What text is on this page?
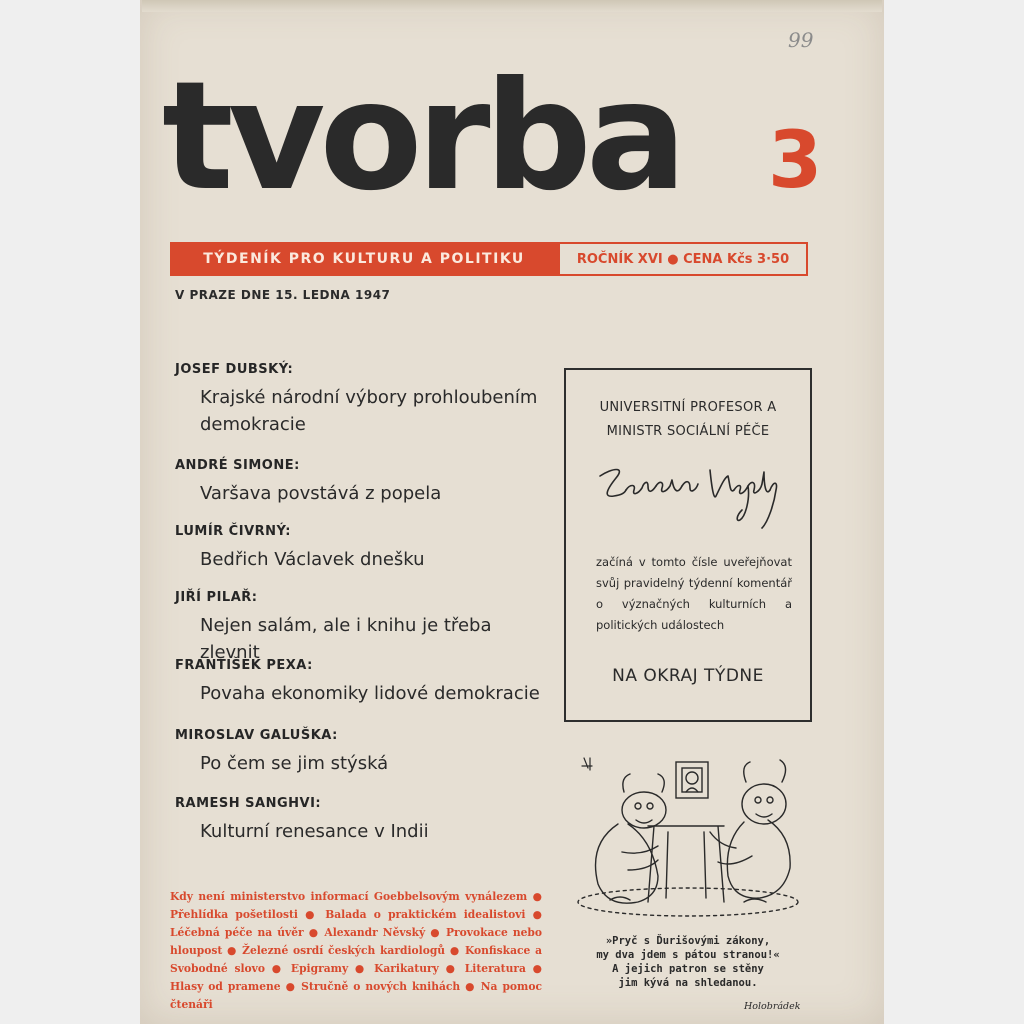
99
tvorba 3
TÝDENÍK PRO KULTURU A POLITIKU	ROČNÍK XVI ● CENA Kčs 3·50
V PRAZE DNE 15. LEDNA 1947
JOSEF DUBSKÝ:
Krajské národní výbory prohloubením
demokracie
ANDRÉ SIMONE:
Varšava povstává z popela
LUMÍR ČIVRNÝ:
Bedřich Václavek dnešku
JIŘÍ PILAŘ:
Nejen salám, ale i knihu je třeba zlevnit
FRANTIŠEK PEXA:
Povaha ekonomiky lidové demokracie
MIROSLAV GALUŠKA:
Po čem se jim stýská
RAMESH SANGHVI:
Kulturní renesance v Indii
UNIVERSITNÍ PROFESOR A
MINISTR SOCIÁLNÍ PÉČE
začíná v tomto čísle uveřejňovat svůj pravidelný týdenní komentář o význačných kulturních a politických událostech
NA OKRAJ TÝDNE
Kdy není ministerstvo informací Goebbelsovým vynálezem ● Přehlídka pošetilosti ● Balada o praktickém idealistovi ● Léčebná péče na úvěr ● Alexandr Něvský ● Provokace nebo hloupost ● Železné osrdí českých kardiologů ● Konfiskace a Svobodné slovo ● Epigramy ● Karikatury ● Literatura ● Hlasy od pramene ● Stručně o nových knihách ● Na pomoc čtenáři
»Pryč s Ďurišovými zákony,
my dva jdem s pátou stranou!«
A jejich patron se stěny
jim kývá na shledanou.
Holobrádek
